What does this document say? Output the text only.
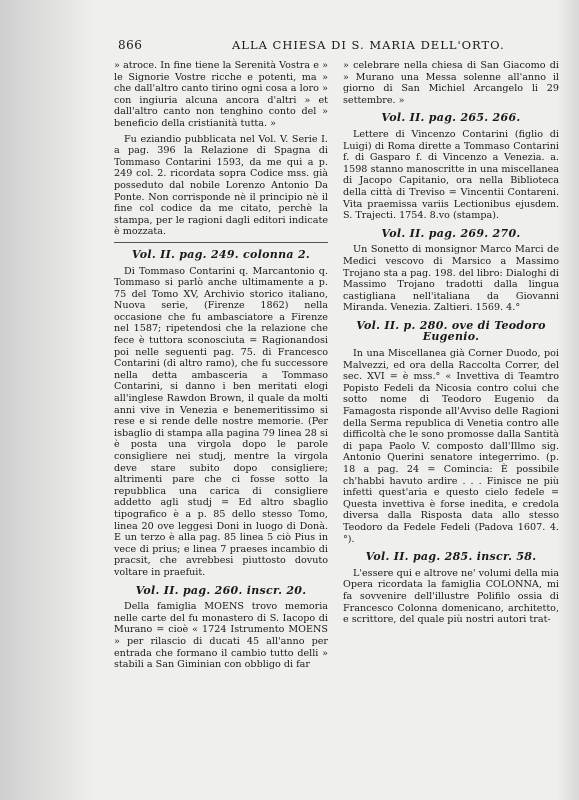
866	ALLA CHIESA DI S. MARIA DELL'ORTO.

» atroce. In fine tiene la Serenità Vostra e » le Signorie Vostre ricche e potenti, ma » che dall'altro canto tirino ogni cosa a loro » con ingiuria alcuna ancora d'altri » et dall'altro canto non tenghino conto del » beneficio della cristianità tutta. »

Fu eziandio pubblicata nel Vol. V. Serie I. a pag. 396 la Relazione di Spagna di Tommaso Contarini 1593, da me qui a p. 249 col. 2. ricordata sopra Codice mss. già posseduto dal nobile Lorenzo Antonio Da Ponte. Non corrisponde nè il principio nè il fine col codice da me citato, perchè la stampa, per le ragioni dagli editori indicate è mozzata.

Vol. II. pag. 249. colonna 2.

Di Tommaso Contarini q. Marcantonio q. Tommaso si parlò anche ultimamente a p. 75 del Tomo XV, Archivio storico italiano, Nuova serie, (Firenze 1862) nella occasione che fu ambasciatore a Firenze nel 1587; ripetendosi che la relazione che fece è tuttora sconosciuta = Ragionandosi poi nelle seguenti pag. 75. di Francesco Contarini (di altro ramo), che fu successore nella detta ambasceria a Tommaso Contarini, si danno i ben meritati elogi all'inglese Rawdon Brown, il quale da molti anni vive in Venezia e benemeritissimo si rese e si rende delle nostre memorie. (Per isbaglio di stampa alla pagina 79 linea 28 si è posta una virgola dopo le parole consigliere nei studj, mentre la virgola deve stare subito dopo consigliere; altrimenti pare che ci fosse sotto la repubblica una carica di consigliere addetto agli studj = Ed altro sbaglio tipografico è a p. 85 dello stesso Tomo, linea 20 ove leggesi Doni in luogo di Donà. E un terzo è alla pag. 85 linea 5 ciò Pius in vece di prius; e linea 7 praeses incambio di pracsit, che avrebbesi piuttosto dovuto voltare in praefuit.

Vol. II. pag. 260. inscr. 20.

Della famiglia MOENS trovo memoria nelle carte del fu monastero di S. Iacopo di Murano = cioè « 1724 Istrumento MOENS » per rilascio di ducati 45 all'anno per entrada che formano il cambio tutto delli » stabili a San Giminian con obbligo di far

» celebrare nella chiesa di San Giacomo di » Murano una Messa solenne all'anno il giorno di San Michiel Arcangelo li 29 settembre. »

Vol. II. pag. 265. 266.

Lettere di Vincenzo Contarini (figlio di Luigi) di Roma dirette a Tommaso Contarini f. di Gasparo f. di Vincenzo a Venezia. a. 1598 stanno manoscritte in una miscellanea di Jacopo Capitanio, ora nella Biblioteca della città di Treviso = Vincentii Contareni. Vita praemissa variis Lectionibus ejusdem. S. Trajecti. 1754. 8.vo (stampa).

Vol. II. pag. 269. 270.

Un Sonetto di monsignor Marco Marci de Medici vescovo di Marsico a Massimo Trojano sta a pag. 198. del libro: Dialoghi di Massimo Trojano tradotti dalla lingua castigliana nell'italiana da Giovanni Miranda. Venezia. Zaltieri. 1569. 4.°

Vol. II. p. 280. ove di Teodoro Eugenio.

In una Miscellanea già Corner Duodo, poi Malvezzi, ed ora della Raccolta Correr, del sec. XVI = è mss.° « Invettiva di Teamtro Popisto Fedeli da Nicosia contro colui che sotto nome di Teodoro Eugenio da Famagosta risponde all'Avviso delle Ragioni della Serma republica di Venetia contro alle difficoltà che le sono promosse dalla Santità di papa Paolo V. composto dall'Illmo sig. Antonio Querini senatore integerrimo. (p. 18 a pag. 24 = Comincia: È possibile ch'habbi havuto ardire . . . Finisce ne più infetti quest'aria e questo cielo fedele = Questa invettiva è forse inedita, e credola diversa dalla Risposta data allo stesso Teodoro da Fedele Fedeli (Padova 1607. 4.°).

Vol. II. pag. 285. inscr. 58.

L'essere qui e altrove ne' volumi della mia Opera ricordata la famiglia COLONNA, mi fa sovvenire dell'illustre Polifilo ossia di Francesco Colonna domenicano, architetto, e scrittore, del quale più nostri autori trat-
